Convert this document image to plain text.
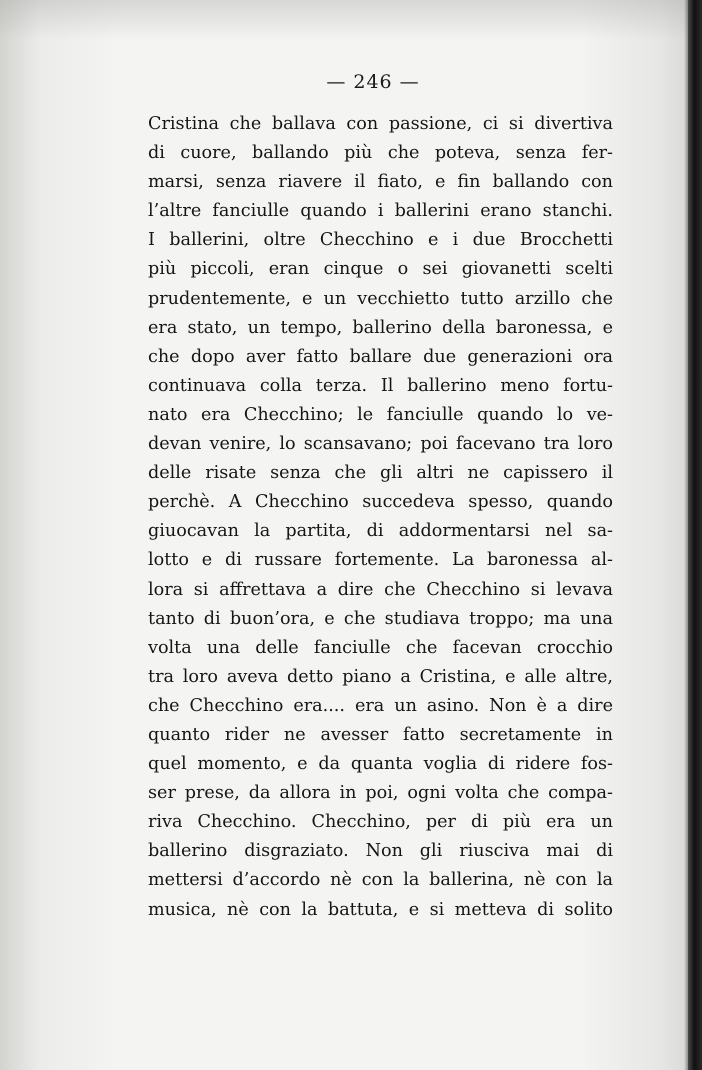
— 246 —
Cristina che ballava con passione, ci si divertiva
di cuore, ballando più che poteva, senza fer-
marsi, senza riavere il fiato, e fin ballando con
l’altre fanciulle quando i ballerini erano stanchi.
I ballerini, oltre Checchino e i due Brocchetti
più piccoli, eran cinque o sei giovanetti scelti
prudentemente, e un vecchietto tutto arzillo che
era stato, un tempo, ballerino della baronessa, e
che dopo aver fatto ballare due generazioni ora
continuava colla terza. Il ballerino meno fortu-
nato era Checchino; le fanciulle quando lo ve-
devan venire, lo scansavano; poi facevano tra loro
delle risate senza che gli altri ne capissero il
perchè. A Checchino succedeva spesso, quando
giuocavan la partita, di addormentarsi nel sa-
lotto e di russare fortemente. La baronessa al-
lora si affrettava a dire che Checchino si levava
tanto di buon’ora, e che studiava troppo; ma una
volta una delle fanciulle che facevan crocchio
tra loro aveva detto piano a Cristina, e alle altre,
che Checchino era.... era un asino. Non è a dire
quanto rider ne avesser fatto secretamente in
quel momento, e da quanta voglia di ridere fos-
ser prese, da allora in poi, ogni volta che compa-
riva Checchino. Checchino, per di più era un
ballerino disgraziato. Non gli riusciva mai di
mettersi d’accordo nè con la ballerina, nè con la
musica, nè con la battuta, e si metteva di solito
